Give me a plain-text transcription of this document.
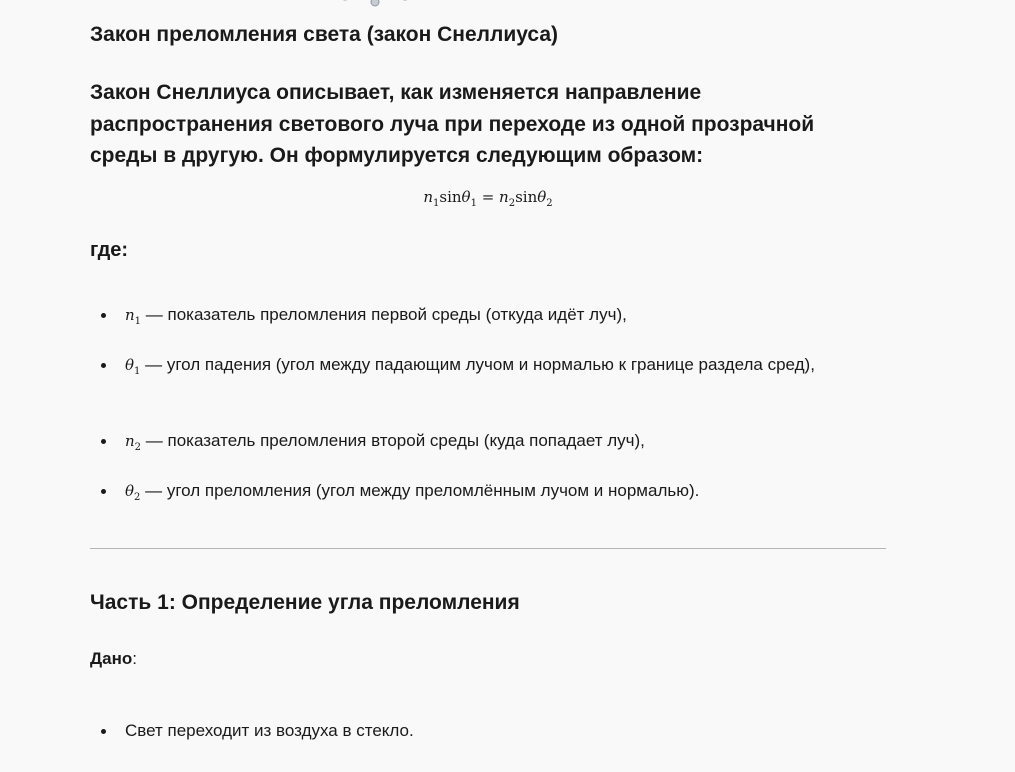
Закон преломления света (закон Снеллиуса)

Закон Снеллиуса описывает, как изменяется направление распространения светового луча при переходе из одной прозрачной среды в другую. Он формулируется следующим образом:

$n_1\sin\theta_1 = n_2\sin\theta_2$
где:
$n_1$ — показатель преломления первой среды (откуда идёт луч),
$\theta_1$ — угол падения (угол между падающим лучом и нормалью к границе раздела сред),
$n_2$ — показатель преломления второй среды (куда попадает луч),
$\theta_2$ — угол преломления (угол между преломлённым лучом и нормалью).
Часть 1: Определение угла преломления

Дано:

Свет переходит из воздуха в стекло.
